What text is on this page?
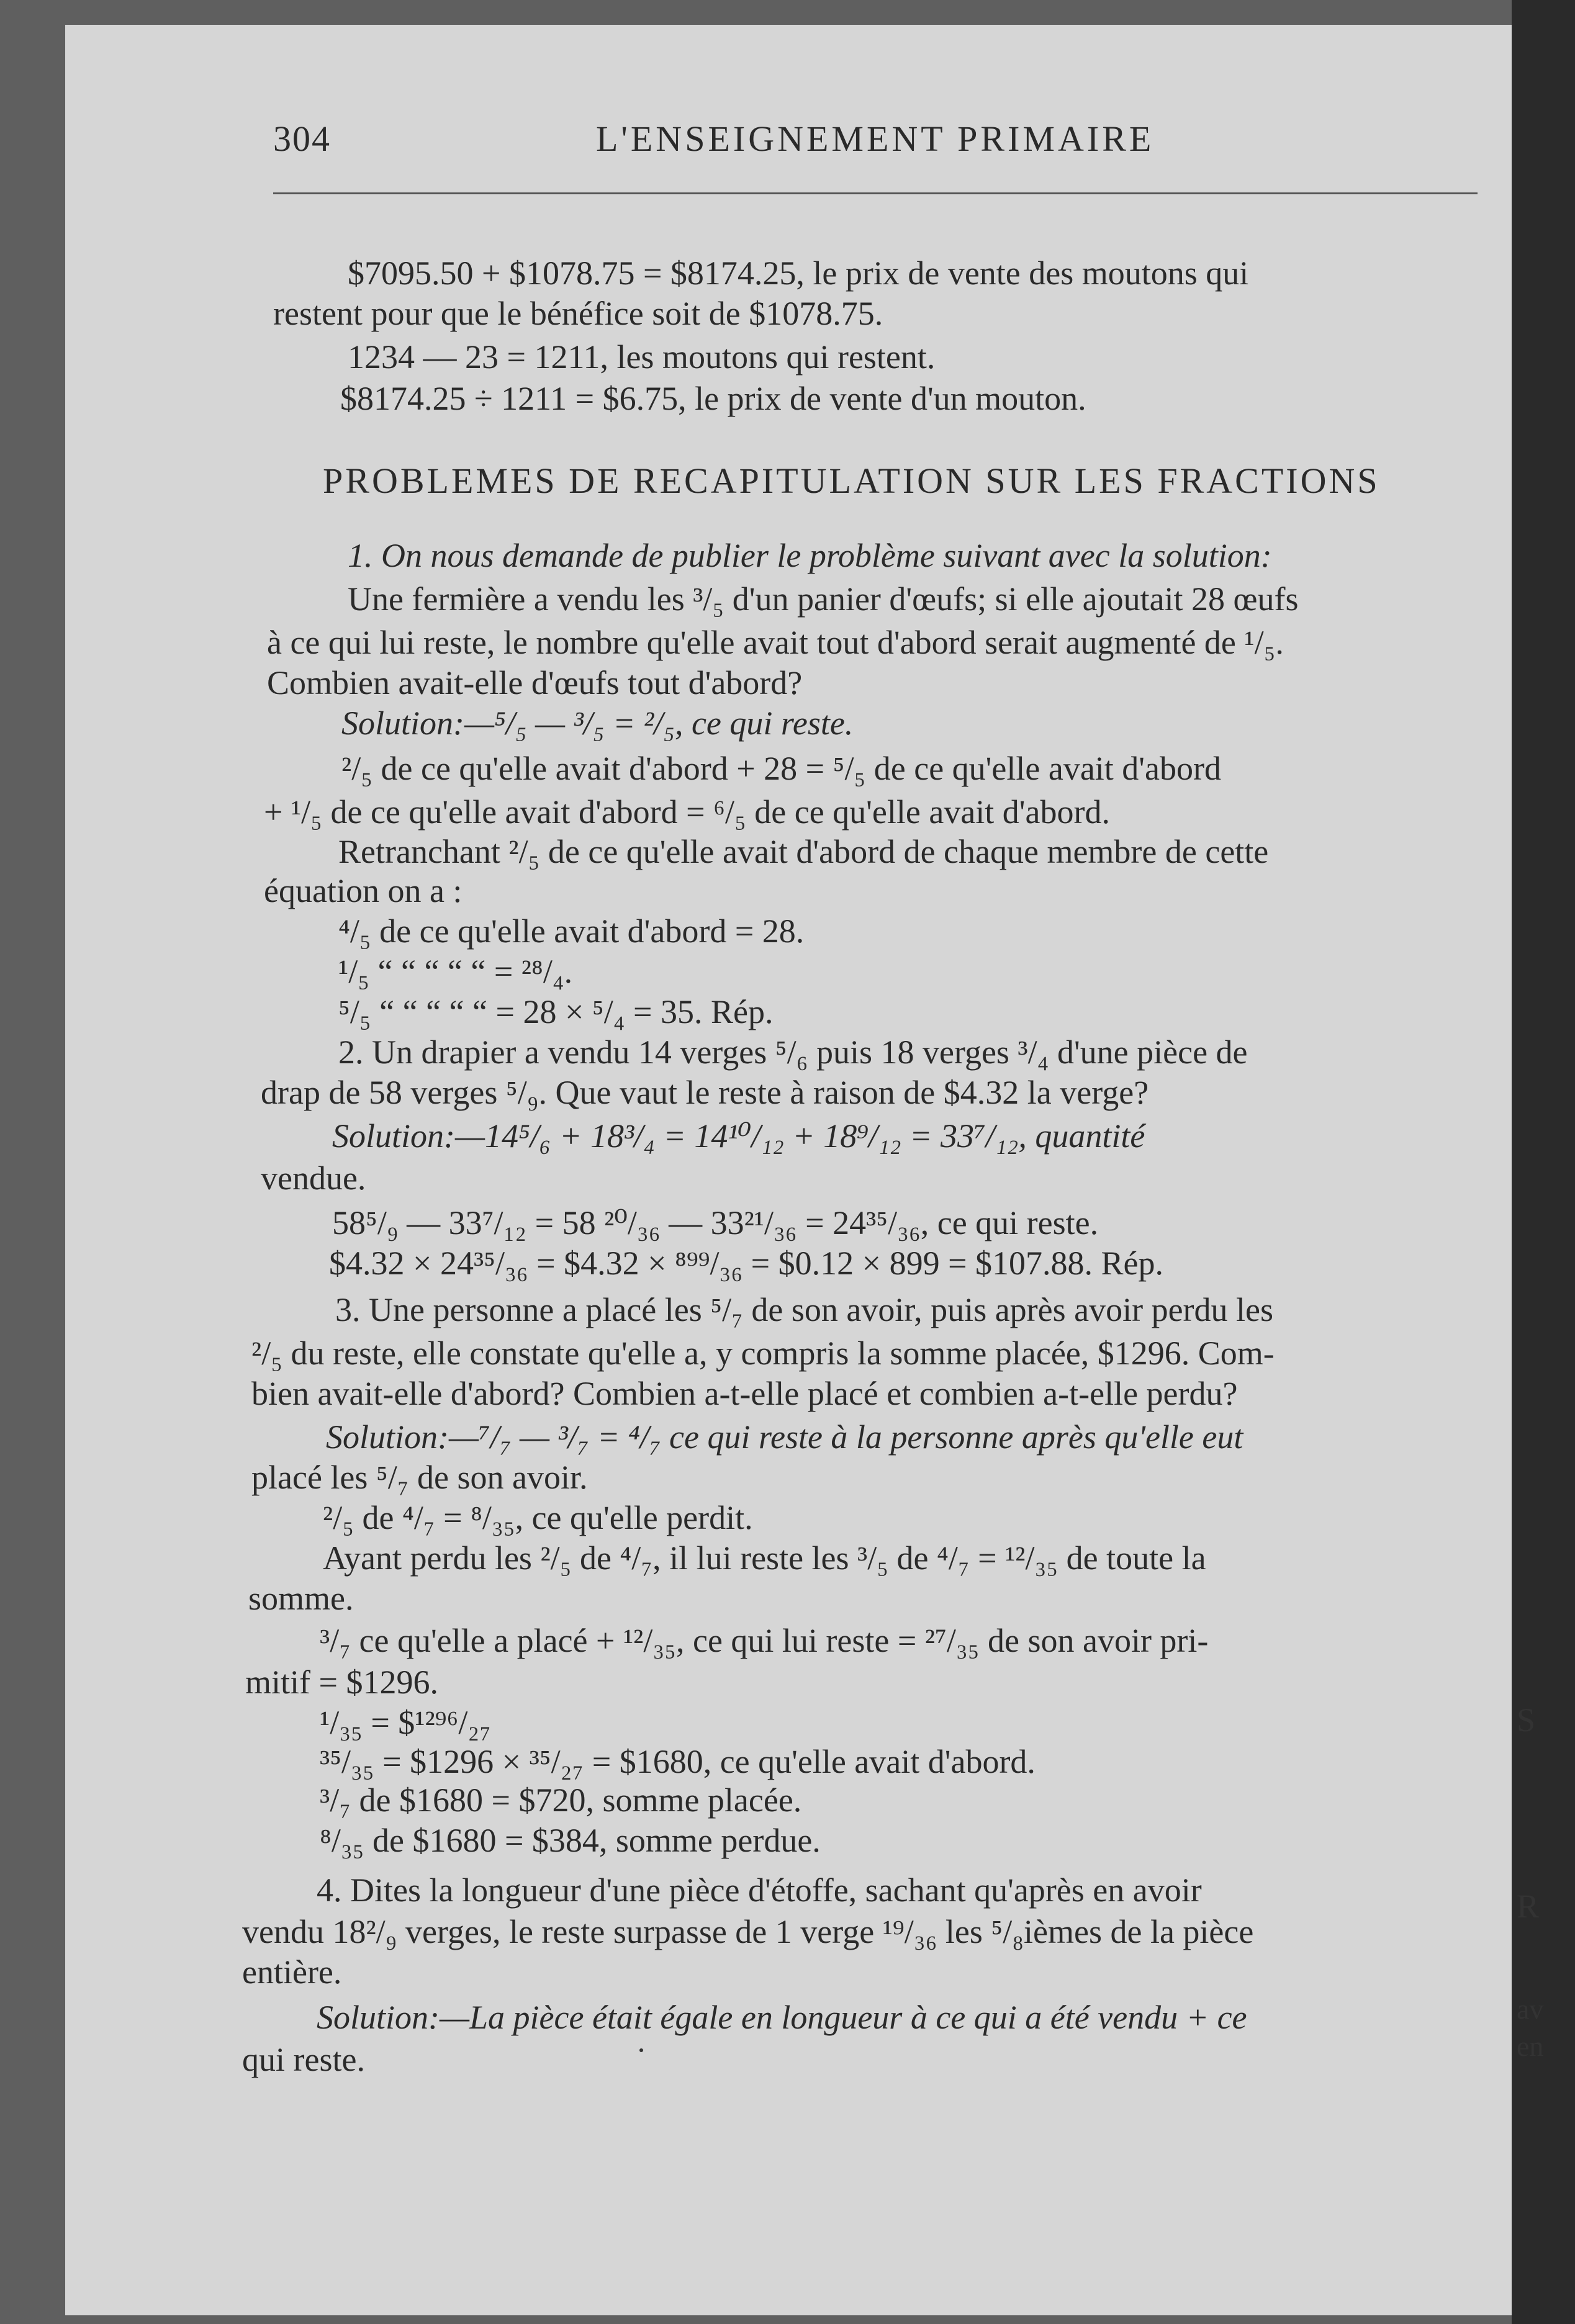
S
R
av
en
304	L'ENSEIGNEMENT PRIMAIRE
$7095.50 + $1078.75 = $8174.25, le prix de vente des moutons qui
restent pour que le bénéfice soit de $1078.75.
1234 — 23 = 1211, les moutons qui restent.
$8174.25 ÷ 1211 = $6.75, le prix de vente d'un mouton.
PROBLEMES DE RECAPITULATION SUR LES FRACTIONS
1. On nous demande de publier le problème suivant avec la solution:
Une fermière a vendu les ³/₅ d'un panier d'œufs; si elle ajoutait 28 œufs
à ce qui lui reste, le nombre qu'elle avait tout d'abord serait augmenté de ¹/₅.
Combien avait-elle d'œufs tout d'abord?
Solution:—⁵/₅ — ³/₅ = ²/₅, ce qui reste.
²/₅ de ce qu'elle avait d'abord + 28 = ⁵/₅ de ce qu'elle avait d'abord
+ ¹/₅ de ce qu'elle avait d'abord = ⁶/₅ de ce qu'elle avait d'abord.
Retranchant ²/₅ de ce qu'elle avait d'abord de chaque membre de cette
équation on a :
⁴/₅ de ce qu'elle avait d'abord = 28.
¹/₅ “ “ “ “ “ = ²⁸/₄.
⁵/₅ “ “ “ “ “ = 28 × ⁵/₄ = 35. Rép.
2. Un drapier a vendu 14 verges ⁵/₆ puis 18 verges ³/₄ d'une pièce de
drap de 58 verges ⁵/₉. Que vaut le reste à raison de $4.32 la verge?
Solution:—14⁵/₆ + 18³/₄ = 14¹⁰/₁₂ + 18⁹/₁₂ = 33⁷/₁₂, quantité
vendue.
58⁵/₉ — 33⁷/₁₂ = 58 ²⁰/₃₆ — 33²¹/₃₆ = 24³⁵/₃₆, ce qui reste.
$4.32 × 24³⁵/₃₆ = $4.32 × ⁸⁹⁹/₃₆ = $0.12 × 899 = $107.88. Rép.
3. Une personne a placé les ⁵/₇ de son avoir, puis après avoir perdu les
²/₅ du reste, elle constate qu'elle a, y compris la somme placée, $1296. Com-
bien avait-elle d'abord? Combien a-t-elle placé et combien a-t-elle perdu?
Solution:—⁷/₇ — ³/₇ = ⁴/₇ ce qui reste à la personne après qu'elle eut
placé les ⁵/₇ de son avoir.
²/₅ de ⁴/₇ = ⁸/₃₅, ce qu'elle perdit.
Ayant perdu les ²/₅ de ⁴/₇, il lui reste les ³/₅ de ⁴/₇ = ¹²/₃₅ de toute la
somme.
³/₇ ce qu'elle a placé + ¹²/₃₅, ce qui lui reste = ²⁷/₃₅ de son avoir pri-
mitif = $1296.
¹/₃₅ = $¹²⁹⁶/₂₇
³⁵/₃₅ = $1296 × ³⁵/₂₇ = $1680, ce qu'elle avait d'abord.
³/₇ de $1680 = $720, somme placée.
⁸/₃₅ de $1680 = $384, somme perdue.
4. Dites la longueur d'une pièce d'étoffe, sachant qu'après en avoir
vendu 18²/₉ verges, le reste surpasse de 1 verge ¹⁹/₃₆ les ⁵/₈ièmes de la pièce
entière.
Solution:—La pièce était égale en longueur à ce qui a été vendu + ce
qui reste.
